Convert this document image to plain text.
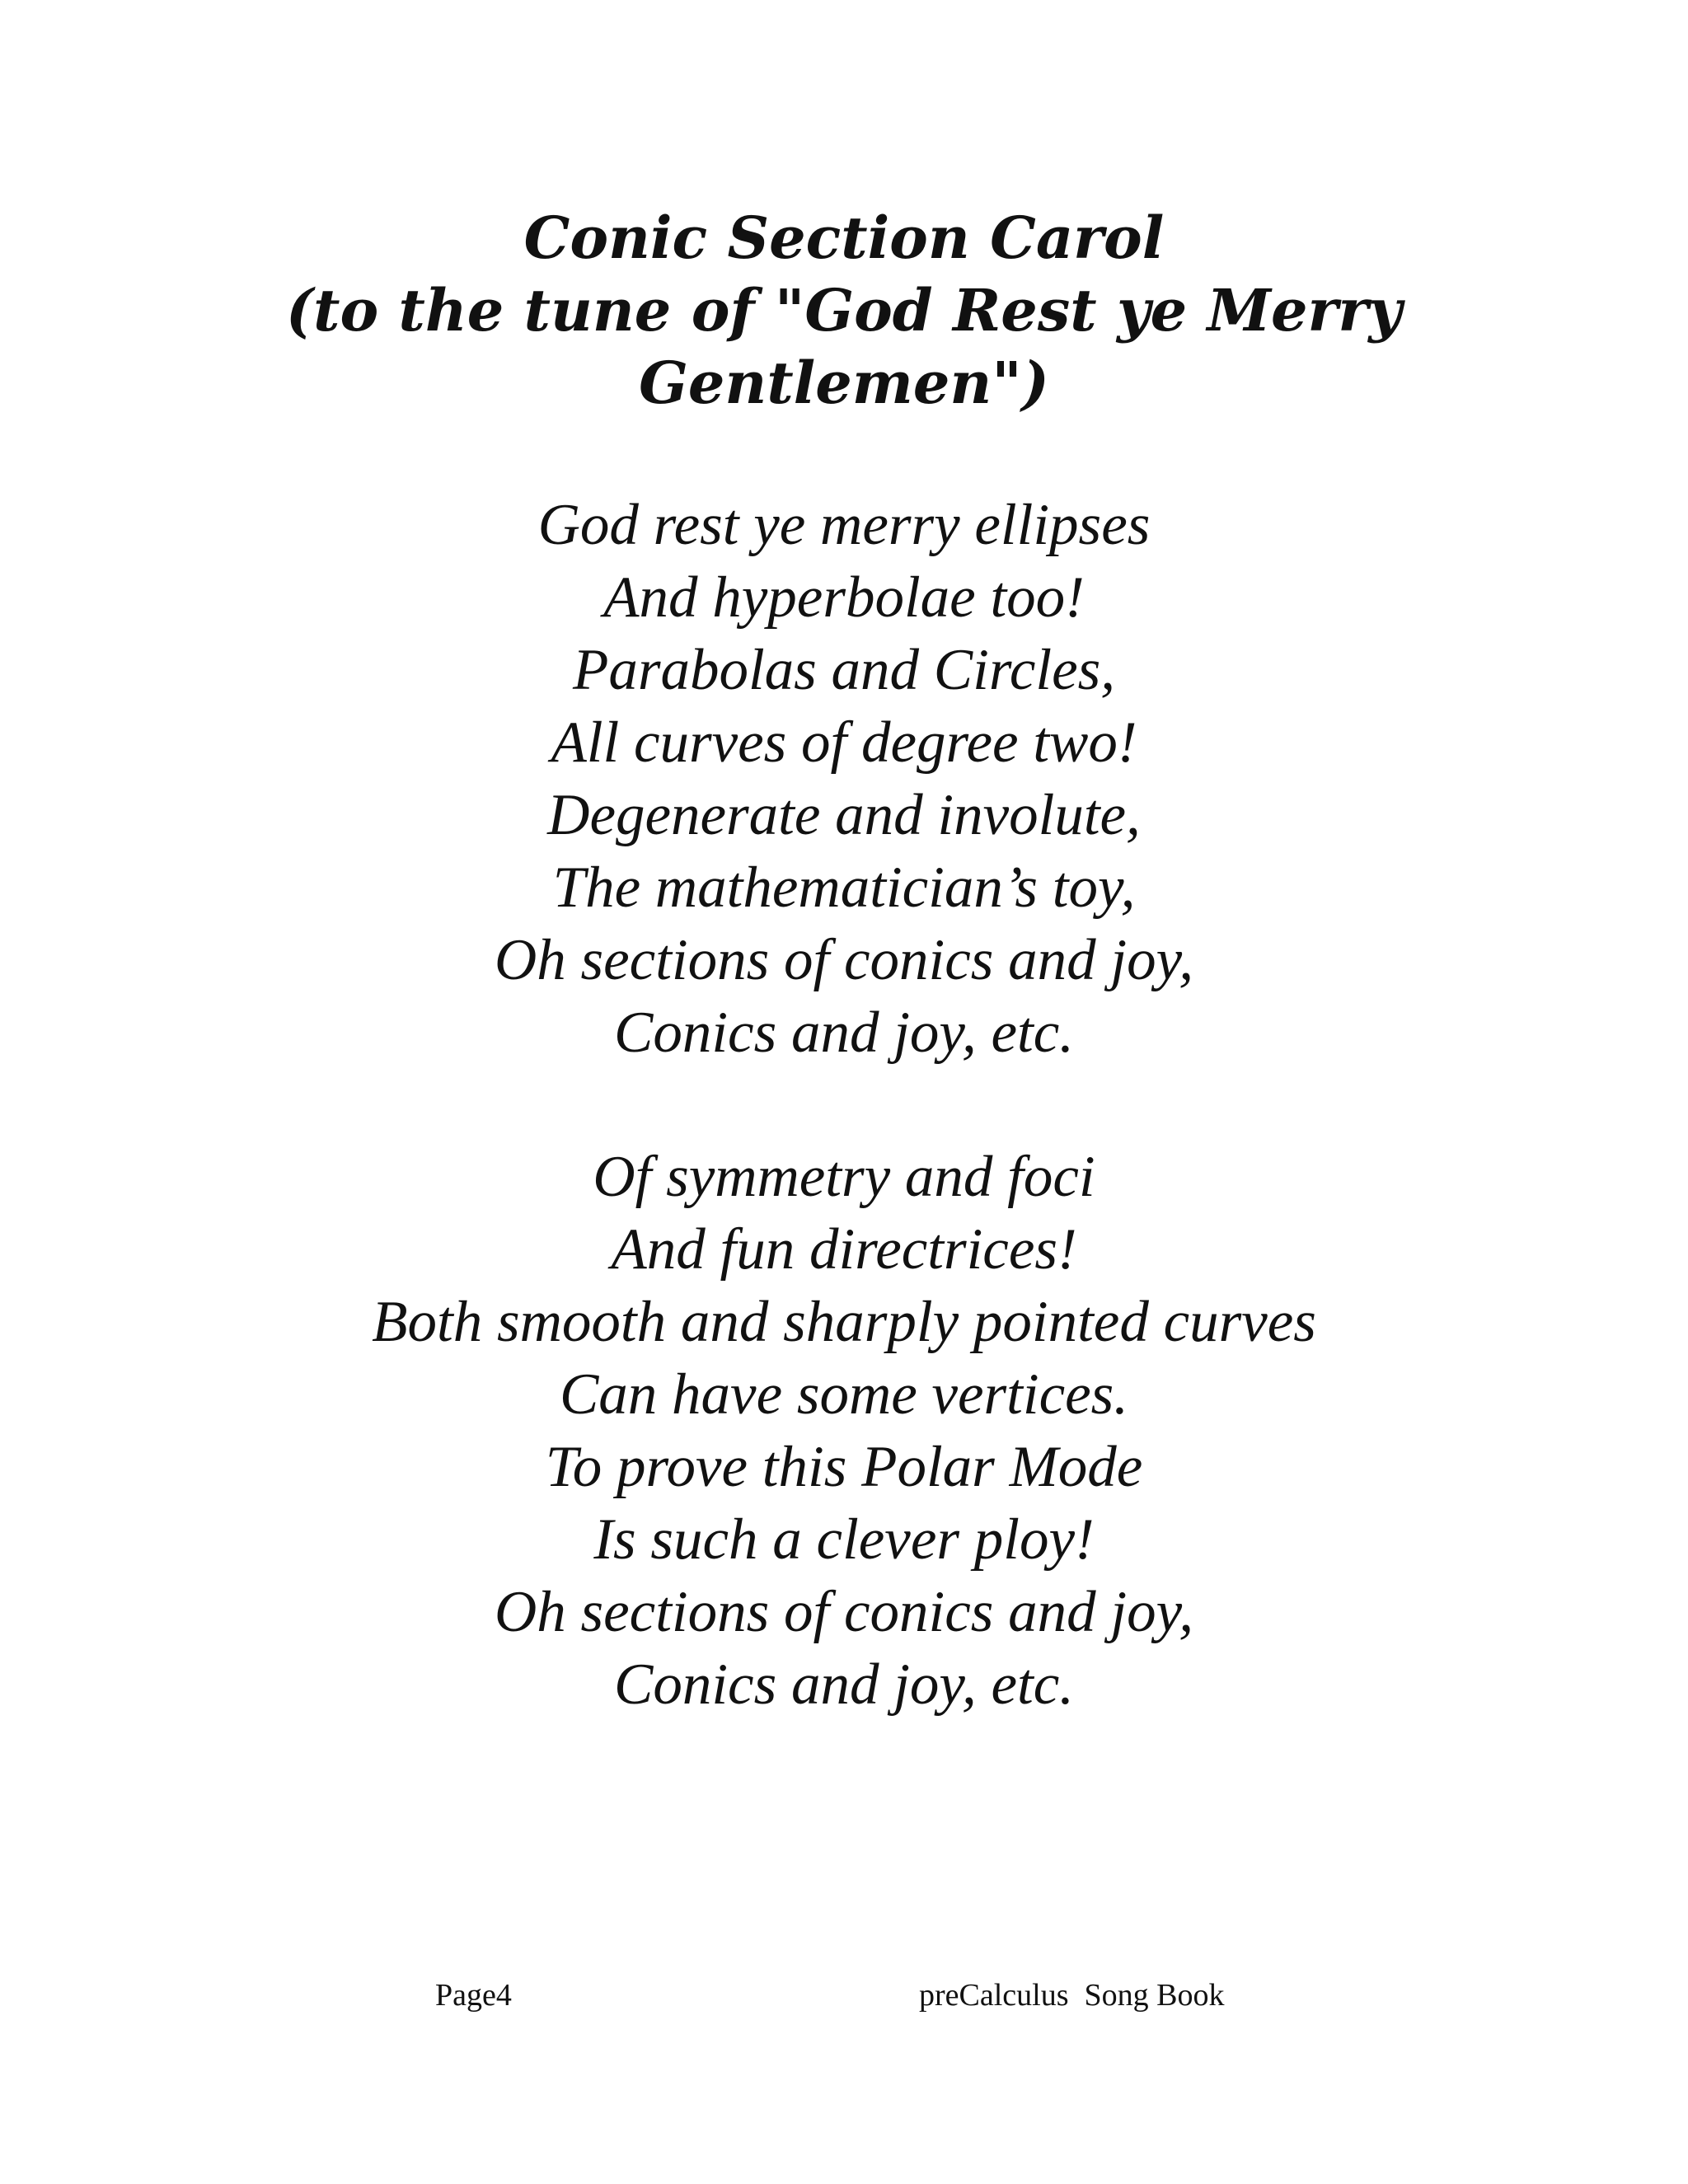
Conic Section Carol
(to the tune of "God Rest ye Merry
Gentlemen")
God rest ye merry ellipses
And hyperbolae too!
Parabolas and Circles,
All curves of degree two!
Degenerate and involute,
The mathematician’s toy,
Oh sections of conics and joy,
Conics and joy, etc.
Of symmetry and foci
And fun directrices!
Both smooth and sharply pointed curves
Can have some vertices.
To prove this Polar Mode
Is such a clever ploy!
Oh sections of conics and joy,
Conics and joy, etc.
Page4	preCalculus  Song Book
